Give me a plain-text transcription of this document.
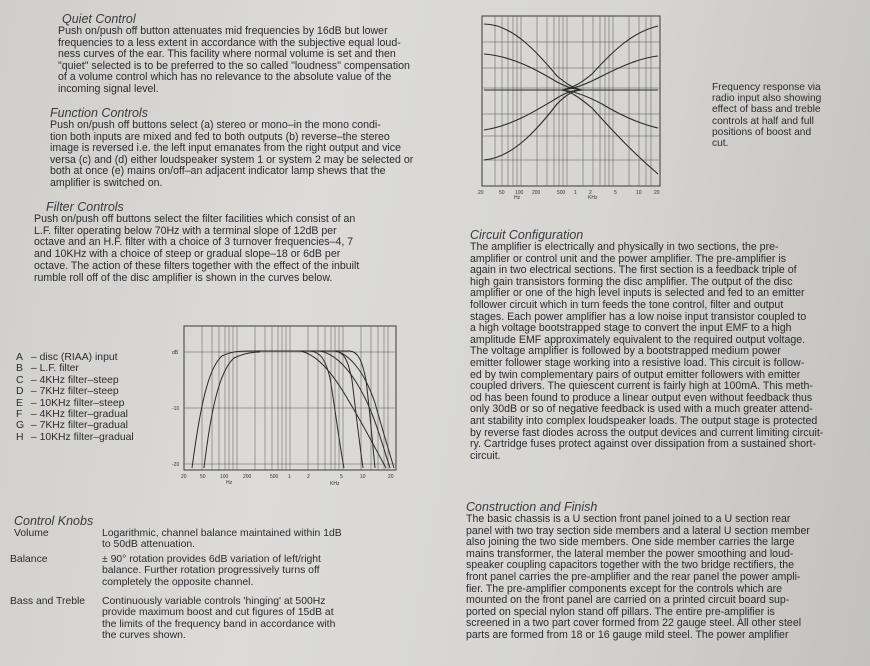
Quiet Control

Push on/push off button attenuates mid frequencies by 16dB but lower
frequencies to a less extent in accordance with the subjective equal loud-
ness curves of the ear. This facility where normal volume is set and then
"quiet" selected is to be preferred to the so called "loudness" compensation
of a volume control which has no relevance to the absolute value of the
incoming signal level.

Function Controls

Push on/push off buttons select (a) stereo or mono–in the mono condi-
tion both inputs are mixed and fed to both outputs (b) reverse–the stereo
image is reversed i.e. the left input emanates from the right output and vice
versa (c) and (d) either loudspeaker system 1 or system 2 may be selected or
both at once (e) mains on/off–an adjacent indicator lamp shews that the
amplifier is switched on.

Filter Controls

Push on/push off buttons select the filter facilities which consist of an
L.F. filter operating below 70Hz with a terminal slope of 12dB per
octave and an H.F. filter with a choice of 3 turnover frequencies–4, 7
and 10KHz with a choice of steep or gradual slope–18 or 6dB per
octave. The action of these filters together with the effect of the inbuilt
rumble roll off of the disc amplifier is shown in the curves below.

A – disc (RIAA) input
B – L.F. filter
C – 4KHz filter–steep
D – 7KHz filter–steep
E – 10KHz filter–steep
F – 4KHz filter–gradual
G – 7KHz filter–gradual
H – 10KHz filter–gradual
dB
-10
-20
20	50	100	200	500 1	2	5	10	20
Hz	KHz
20	50 100 200	500 1 2	5	10 20
Hz	KHz
Frequency response via
radio input also showing
effect of bass and treble
controls at half and full
positions of boost and
cut.
Circuit Configuration

The amplifier is electrically and physically in two sections, the pre-
amplifier or control unit and the power amplifier. The pre-amplifier is
again in two electrical sections. The first section is a feedback triple of
high gain transistors forming the disc amplifier. The output of the disc
amplifier or one of the high level inputs is selected and fed to an emitter
follower circuit which in turn feeds the tone control, filter and output
stages. Each power amplifier has a low noise input transistor coupled to
a high voltage bootstrapped stage to convert the input EMF to a high
amplitude EMF approximately equivalent to the required output voltage.
The voltage amplifier is followed by a bootstrapped medium power
emitter follower stage working into a resistive load. This circuit is follow-
ed by twin complementary pairs of output emitter followers with emitter
coupled drivers. The quiescent current is fairly high at 100mA. This meth-
od has been found to produce a linear output even without feedback thus
only 30dB or so of negative feedback is used with a much greater attend-
ant stability into complex loudspeaker loads. The output stage is protected
by reverse fast diodes across the output devices and current limiting circuit-
ry. Cartridge fuses protect against over dissipation from a sustained short-
circuit.

Construction and Finish

The basic chassis is a U section front panel joined to a U section rear
panel with two tray section side members and a lateral U section member
also joining the two side members. One side member carries the large
mains transformer, the lateral member the power smoothing and loud-
speaker coupling capacitors together with the two bridge rectifiers, the
front panel carries the pre-amplifier and the rear panel the power ampli-
fier. The pre-amplifier components except for the controls which are
mounted on the front panel are carried on a printed circuit board sup-
ported on special nylon stand off pillars. The entire pre-amplifier is
screened in a two part cover formed from 22 gauge steel. All other steel
parts are formed from 18 or 16 gauge mild steel. The power amplifier

Control Knobs
Volume	Logarithmic, channel balance maintained within 1dB
to 50dB attenuation.
Balance	± 90° rotation provides 6dB variation of left/right
balance. Further rotation progressively turns off
completely the opposite channel.
Bass and Treble	Continuously variable controls 'hinging' at 500Hz
provide maximum boost and cut figures of 15dB at
the limits of the frequency band in accordance with
the curves shown.
